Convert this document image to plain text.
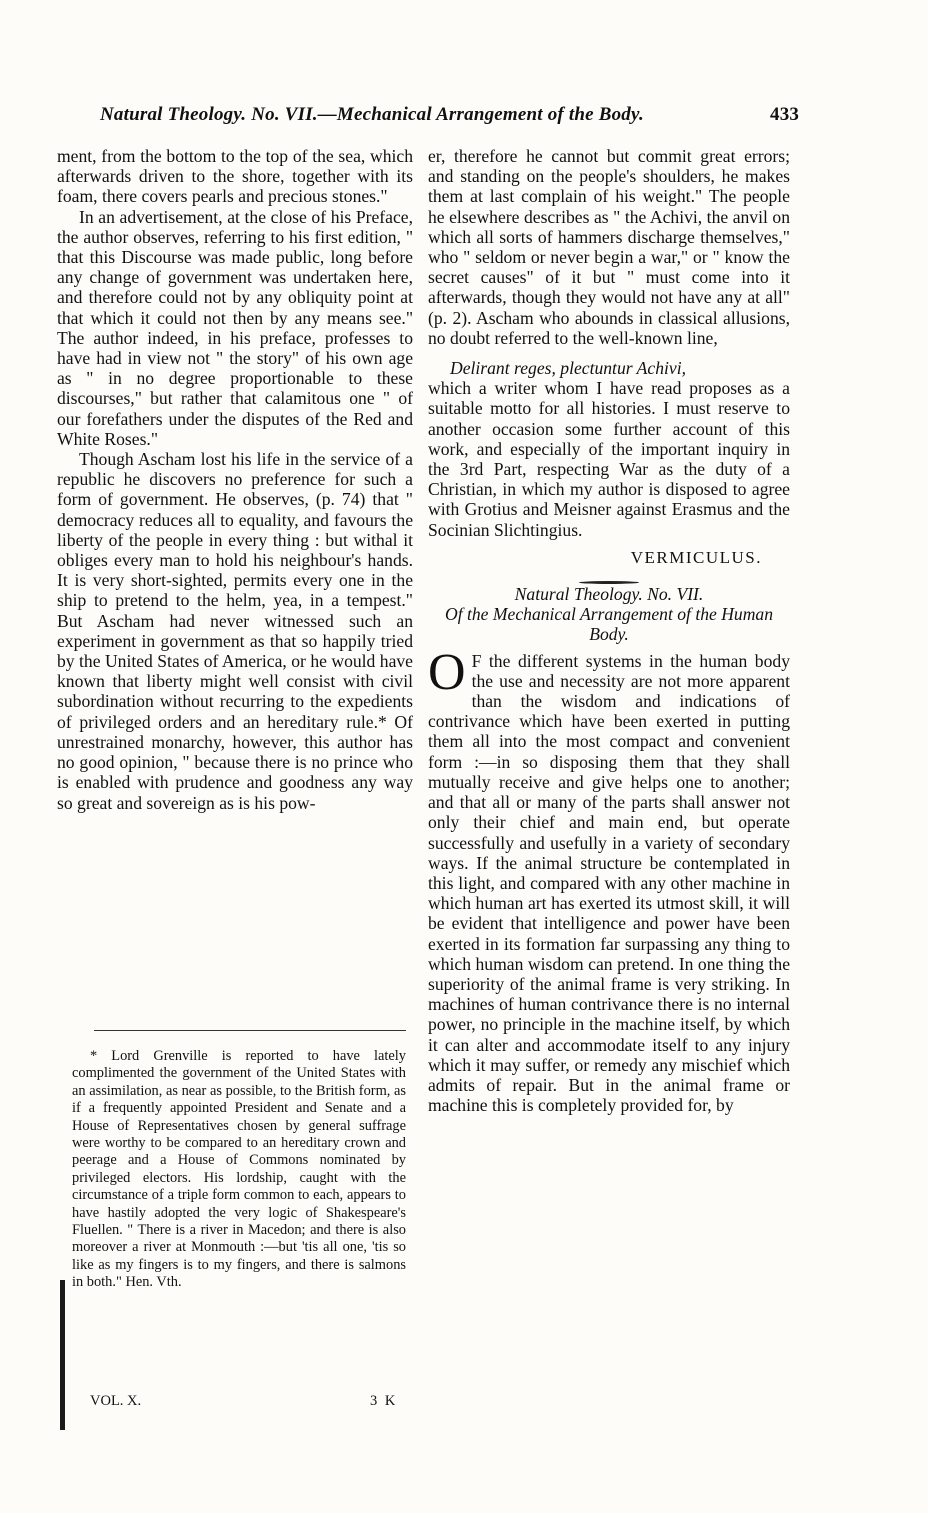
Natural Theology. No. VII.—Mechanical Arrangement of the Body.	433

ment, from the bottom to the top of the sea, which afterwards driven to the shore, together with its foam, there covers pearls and precious stones."

In an advertisement, at the close of his Preface, the author observes, referring to his first edition, " that this Discourse was made public, long before any change of government was undertaken here, and therefore could not by any obliquity point at that which it could not then by any means see." The author indeed, in his preface, professes to have had in view not " the story" of his own age as " in no degree proportionable to these discourses," but rather that calamitous one " of our forefathers under the disputes of the Red and White Roses."

Though Ascham lost his life in the service of a republic he discovers no preference for such a form of government. He observes, (p. 74) that " democracy reduces all to equality, and favours the liberty of the people in every thing : but withal it obliges every man to hold his neighbour's hands. It is very short-sighted, permits every one in the ship to pretend to the helm, yea, in a tempest." But Ascham had never witnessed such an experiment in government as that so happily tried by the United States of America, or he would have known that liberty might well consist with civil subordination without recurring to the expedients of privileged orders and an hereditary rule.* Of unrestrained monarchy, however, this author has no good opinion, " because there is no prince who is enabled with prudence and goodness any way so great and sovereign as is his pow-

* Lord Grenville is reported to have lately complimented the government of the United States with an assimilation, as near as possible, to the British form, as if a frequently appointed President and Senate and a House of Representatives chosen by general suffrage were worthy to be compared to an hereditary crown and peerage and a House of Commons nominated by privileged electors. His lordship, caught with the circumstance of a triple form common to each, appears to have hastily adopted the very logic of Shakespeare's Fluellen. " There is a river in Macedon; and there is also moreover a river at Monmouth :—but 'tis all one, 'tis so like as my fingers is to my fingers, and there is salmons in both." Hen. Vth.

VOL. X.	3 K

er, therefore he cannot but commit great errors; and standing on the people's shoulders, he makes them at last complain of his weight." The people he elsewhere describes as " the Achivi, the anvil on which all sorts of hammers discharge themselves," who " seldom or never begin a war," or " know the secret causes" of it but " must come into it afterwards, though they would not have any at all" (p. 2). Ascham who abounds in classical allusions, no doubt referred to the well-known line,

Delirant reges, plectuntur Achivi,

which a writer whom I have read proposes as a suitable motto for all histories. I must reserve to another occasion some further account of this work, and especially of the important inquiry in the 3rd Part, respecting War as the duty of a Christian, in which my author is disposed to agree with Grotius and Meisner against Erasmus and the Socinian Slichtingius.

VERMICULUS.

Natural Theology. No. VII.

Of the Mechanical Arrangement of the Human Body.

O F the different systems in the human body the use and necessity are not more apparent than the wisdom and indications of contrivance which have been exerted in putting them all into the most compact and convenient form :—in so disposing them that they shall mutually receive and give helps one to another; and that all or many of the parts shall answer not only their chief and main end, but operate successfully and usefully in a variety of secondary ways. If the animal structure be contemplated in this light, and compared with any other machine in which human art has exerted its utmost skill, it will be evident that intelligence and power have been exerted in its formation far surpassing any thing to which human wisdom can pretend. In one thing the superiority of the animal frame is very striking. In machines of human contrivance there is no internal power, no principle in the machine itself, by which it can alter and accommodate itself to any injury which it may suffer, or remedy any mischief which admits of repair. But in the animal frame or machine this is completely provided for, by
